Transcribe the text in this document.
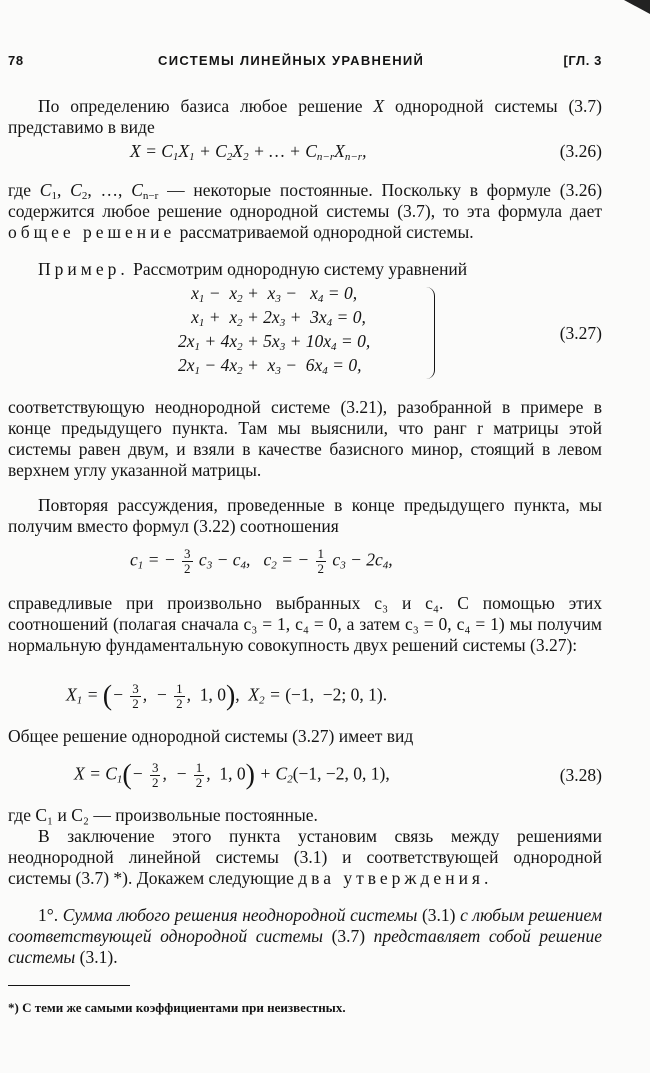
78	СИСТЕМЫ ЛИНЕЙНЫХ УРАВНЕНИЙ	[ГЛ. 3

По определению базиса любое решение X однородной системы (3.7) представимо в виде

$X = C_1X_1 + C_2X_2$ + … + $C_{n-r}X_{n-r}$,	(3.26)

где $C_1$, $C_2$, …, $C_{n-r}$ — некоторые постоянные. Поскольку в формуле (3.26) содержится любое решение однородной системы (3.7), то эта формула дает общее решение рассматриваемой однородной системы.

Пример. Рассмотрим однородную систему уравнений

$x_1 - x_2 + x_3 - x_4 = 0$,
$x_1 + x_2 + 2x_3 + 3x_4 = 0$,
$2x_1 + 4x_2 + 5x_3 + 10x_4 = 0$,
$2x_1 - 4x_2 + x_3 - 6x_4 = 0$,
(3.27)

соответствующую неоднородной системе (3.21), разобранной в примере в конце предыдущего пункта. Там мы выяснили, что ранг r матрицы этой системы равен двум, и взяли в качестве базисного минор, стоящий в левом верхнем углу указанной матрицы.

Повторяя рассуждения, проведенные в конце предыдущего пункта, мы получим вместо формул (3.22) соотношения

$c_1$ = − $\frac{3}{2} c_3 - c_4$,   $c_2$ = − $\frac{1}{2} c_3 - 2c_4$,

справедливые при произвольно выбранных c₃ и c₄. С помощью этих соотношений (полагая сначала c₃ = 1, c₄ = 0, а затем c₃ = 0, c₄ = 1) мы получим нормальную фундаментальную совокупность двух решений системы (3.27):

$X_1$ = (− $\frac{3}{2}$ ,  − $\frac{1}{2}$ ,  1, 0),  $X_2 = (-1$,  −2; 0, 1).

Общее решение однородной системы (3.27) имеет вид

$X = C_1(- \frac{3}{2}$ ,  − $\frac{1}{2}$ ,  1, $0) + C_2(-1$, −2, 0, 1),	(3.28)

где C₁ и C₂ — произвольные постоянные.

В заключение этого пункта установим связь между решениями неоднородной линейной системы (3.1) и соответствующей однородной системы (3.7) *). Докажем следующие два утверждения.

1°. Сумма любого решения неоднородной системы (3.1) с любым решением соответствующей однородной системы (3.7) представляет собой решение системы (3.1).

*) С теми же самыми коэффициентами при неизвестных.
